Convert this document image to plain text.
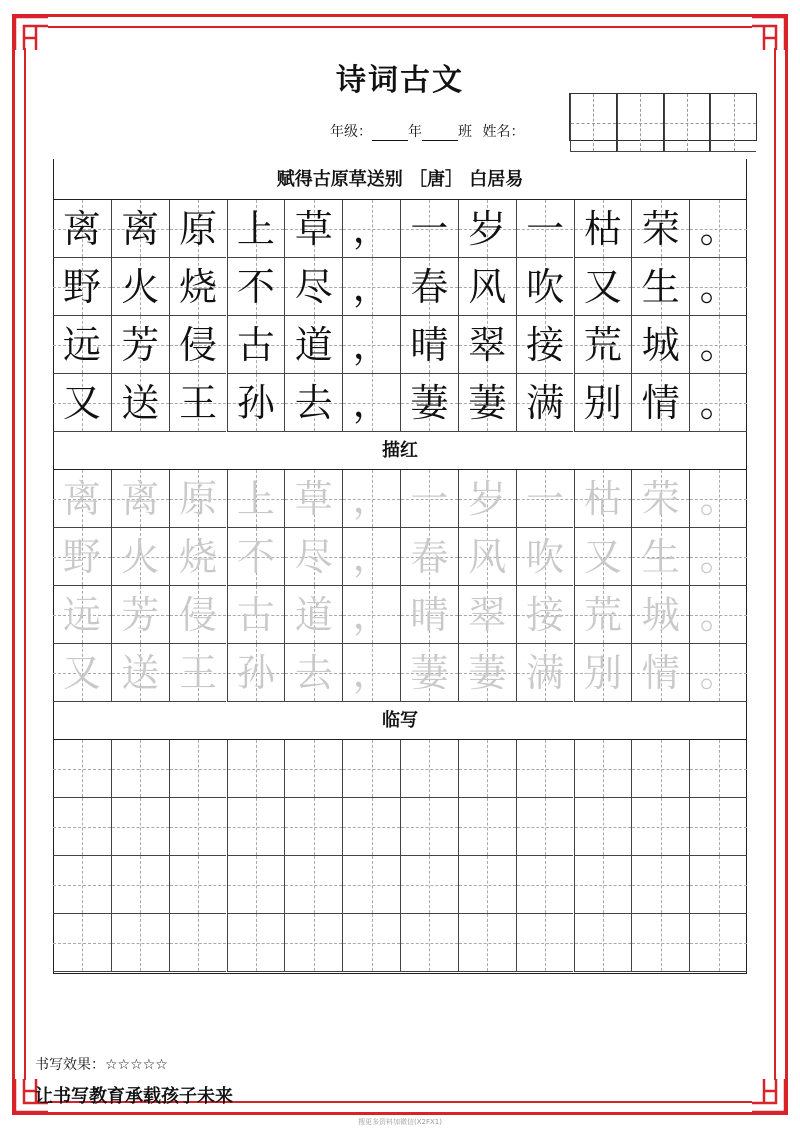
诗词古文
年级：	年	班 姓名：
赋得古原草送别 ［唐］ 白居易
离 离 原 上 草 ， 一 岁 一 枯 荣 。
野 火 烧 不 尽 ， 春 风 吹 又 生 。
远 芳 侵 古 道 ， 晴 翠 接 荒 城 。
又 送 王 孙 去 ， 萋 萋 满 别 情 。
描红
离 离 原 上 草 ， 一 岁 一 枯 荣 。
野 火 烧 不 尽 ， 春 风 吹 又 生 。
远 芳 侵 古 道 ， 晴 翠 接 荒 城 。
又 送 王 孙 去 ， 萋 萋 满 别 情 。
临写
书写效果：☆☆☆☆☆
让书写教育承载孩子未来
搜更多资料加微信(X2FX1)
